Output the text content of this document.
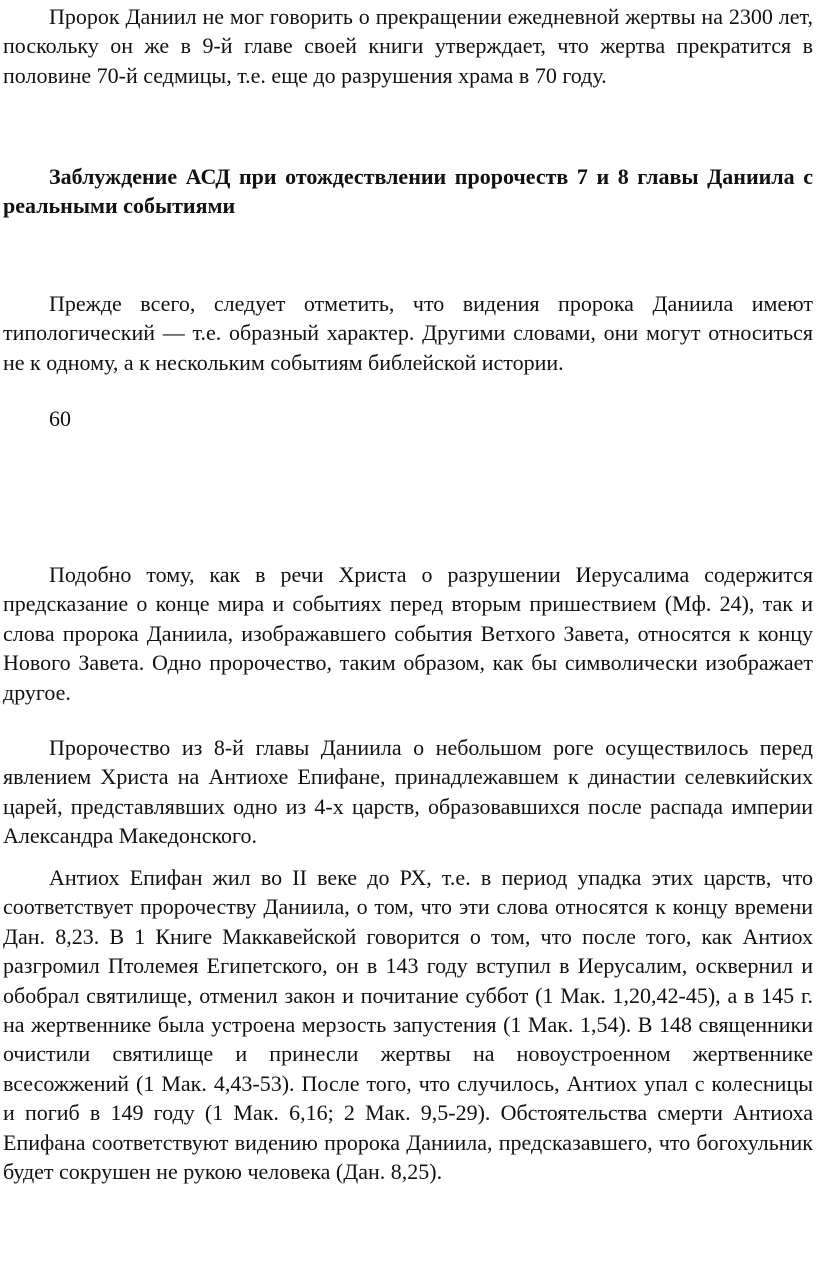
Пророк Даниил не мог говорить о прекращении ежедневной жертвы на 2300 лет, поскольку он же в 9-й главе своей книги утверждает, что жертва прекратится в половине 70-й седмицы, т.е. еще до разрушения храма в 70 году.

Заблуждение АСД при отождествлении пророчеств 7 и 8 главы Даниила с реальными событиями

Прежде всего, следует отметить, что видения пророка Даниила имеют типологический — т.е. образный характер. Другими словами, они могут относиться не к одному, а к нескольким событиям библейской истории.

60

Подобно тому, как в речи Христа о разрушении Иерусалима содержится предсказание о конце мира и событиях перед вторым пришествием (Мф. 24), так и слова пророка Даниила, изображавшего события Ветхого Завета, относятся к концу Нового Завета. Одно пророчество, таким образом, как бы символически изображает другое.

Пророчество из 8-й главы Даниила о небольшом роге осуществилось перед явлением Христа на Антиохе Епифане, принадлежавшем к династии селевкийских царей, представлявших одно из 4-х царств, образовавшихся после распада империи Александра Македонского.

Антиох Епифан жил во II веке до РХ, т.е. в период упадка этих царств, что соответствует пророчеству Даниила, о том, что эти слова относятся к концу времени Дан. 8,23. В 1 Книге Маккавейской говорится о том, что после того, как Антиох разгромил Птолемея Египетского, он в 143 году вступил в Иерусалим, осквернил и обобрал святилище, отменил закон и почитание суббот (1 Мак. 1,20,42-45), а в 145 г. на жертвеннике была устроена мерзость запустения (1 Мак. 1,54). В 148 священники очистили святилище и принесли жертвы на новоустроенном жертвеннике всесожжений (1 Мак. 4,43-53). После того, что случилось, Антиох упал с колесницы и погиб в 149 году (1 Мак. 6,16; 2 Мак. 9,5-29). Обстоятельства смерти Антиоха Епифана соответствуют видению пророка Даниила, предсказавшего, что богохульник будет сокрушен не рукою человека (Дан. 8,25).
